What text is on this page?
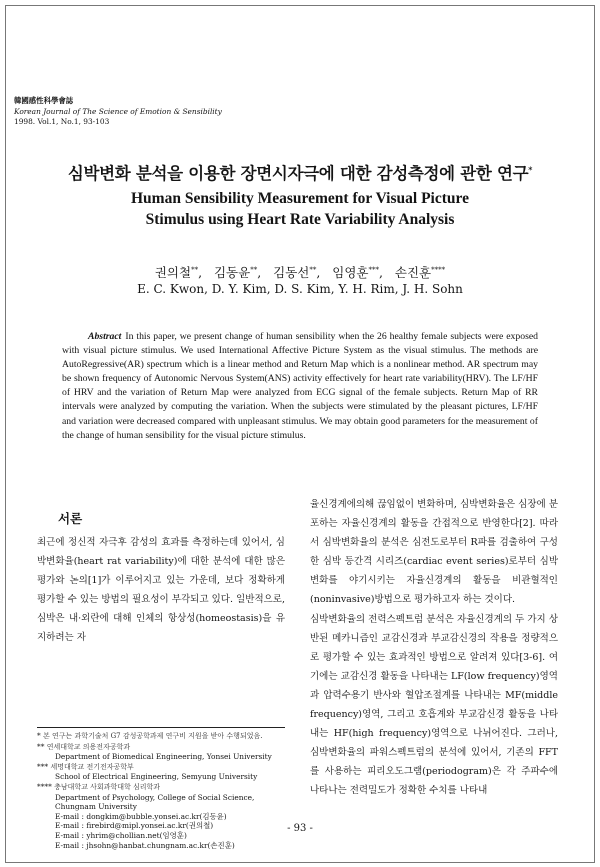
韓國感性科學會誌
Korean Journal of The Science of Emotion & Sensibility
1998. Vol.1, No.1, 93-103
심박변화 분석을 이용한 장면시자극에 대한 감성측정에 관한 연구*
Human Sensibility Measurement for Visual Picture
Stimulus using Heart Rate Variability Analysis
권의철**,   김동윤**,   김동선**,   임영훈***,   손진훈****
E. C. Kwon, D. Y. Kim, D. S. Kim, Y. H. Rim, J. H. Sohn
Abstract In this paper, we present change of human sensibility when the 26 healthy female subjects were exposed with visual picture stimulus. We used International Affective Picture System as the visual stimulus. The methods are AutoRegressive(AR) spectrum which is a linear method and Return Map which is a nonlinear method. AR spectrum may be shown frequency of Autonomic Nervous System(ANS) activity effectively for heart rate variability(HRV). The LF/HF of HRV and the variation of Return Map were analyzed from ECG signal of the female subjects. Return Map of RR intervals were analyzed by computing the variation. When the subjects were stimulated by the pleasant pictures, LF/HF and variation were decreased compared with unpleasant stimulus. We may obtain good parameters for the measurement of the change of human sensibility for the visual picture stimulus.
서론
최근에 정신적 자극후 감성의 효과를 측정하는데 있어서, 심박변화율(heart rat variability)에 대한 분석에 대한 많은 평가와 논의[1]가 이루어지고 있는 가운데, 보다 정확하게 평가할 수 있는 방법의 필요성이 부각되고 있다. 일반적으로, 심박은 내·외란에 대해 인체의 항상성(homeostasis)을 유지하려는 자
율신경계에의해 끊임없이 변화하며, 심박변화율은 심장에 분포하는 자율신경계의 활동을 간접적으로 반영한다[2]. 따라서 심박변화율의 분석은 심전도로부터 R파를 검출하여 구성한 심박 등간격 시리즈(cardiac event series)로부터 심박변화를 야기시키는 자율신경계의 활동을 비관혈적인(noninvasive)방법으로 평가하고자 하는 것이다.
심박변화율의 전력스펙트럼 분석은 자율신경계의 두 가지 상반된 메카니즘인 교감신경과 부교감신경의 작용을 정량적으로 평가할 수 있는 효과적인 방법으로 알려져 있다[3-6]. 여기에는 교감신경 활동을 나타내는 LF(low frequency)영역과 압력수용기 반사와 혈압조절계를 나타내는 MF(middle frequency)영역, 그리고 호흡계와 부교감신경 활동을 나타내는 HF(high frequency)영역으로 나뉘어진다. 그러나, 심박변화율의 파워스펙트럼의 분석에 있어서, 기존의 FFT를 사용하는 피리오도그램(periodogram)은 각 주파수에 나타나는 전력밀도가 정확한 수치를 나타내
* 본 연구는 과학기술처 G7 감성공학과제 연구비 지원을 받아 수행되었음.
** 연세대학교 의용전자공학과
Department of Biomedical Engineering, Yonsei University
*** 세명대학교 전기전자공학부
School of Electrical Engineering, Semyung University
**** 충남대학교 사회과학대학 심리학과
Department of Psychology, College of Social Science, Chungnam University
E-mail : dongkim@bubble.yonsei.ac.kr(김동윤)
E-mail : firebird@mipl.yonsei.ac.kr(권의철)
E-mail : yhrim@chollian.net(임영훈)
E-mail : jhsohn@hanbat.chungnam.ac.kr(손진훈)
- 93 -
